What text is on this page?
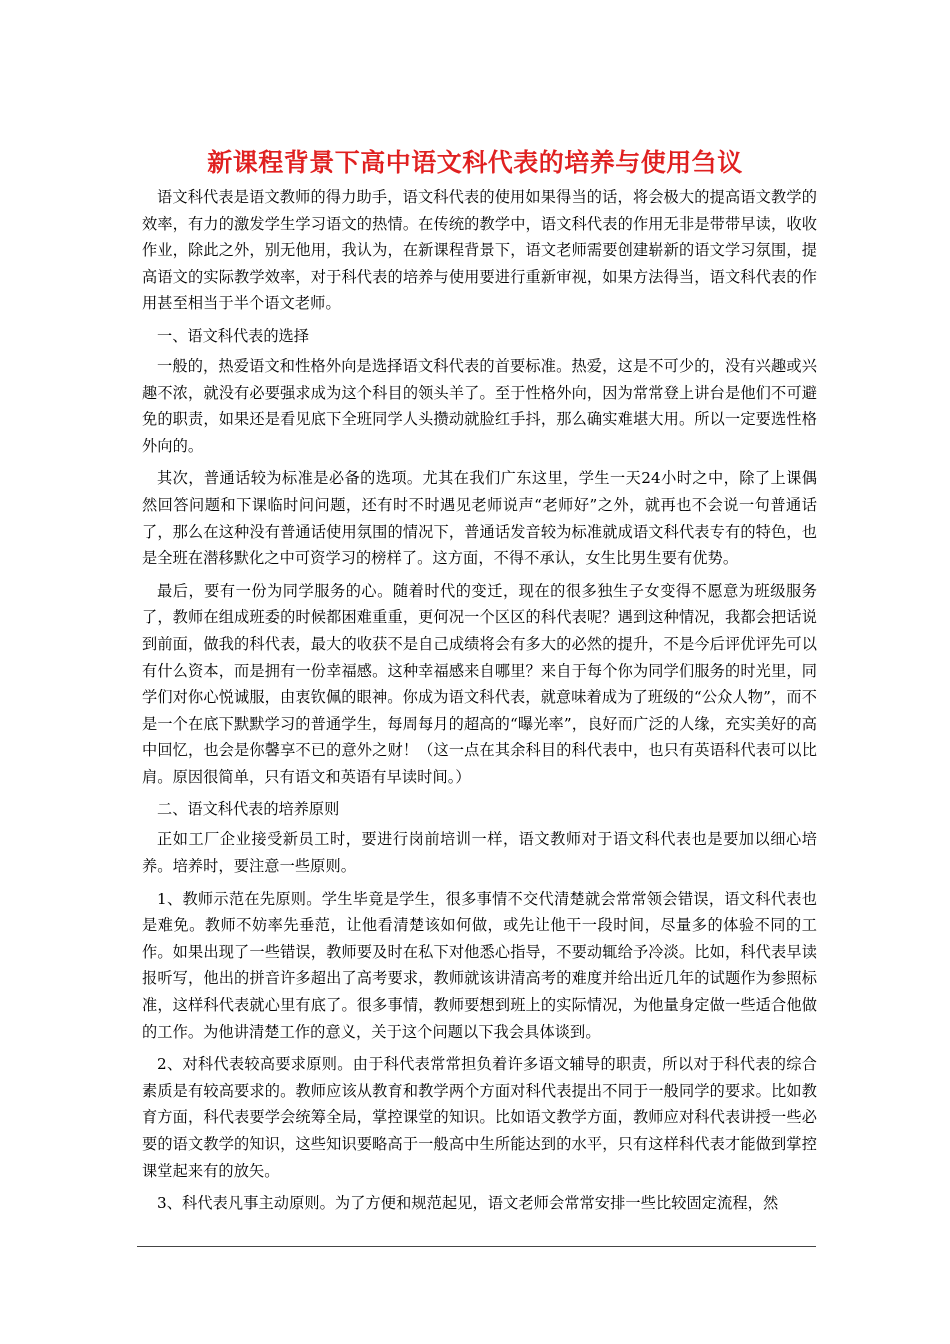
新课程背景下高中语文科代表的培养与使用刍议

语文科代表是语文教师的得力助手，语文科代表的使用如果得当的话，将会极大的提高语文教学的效率，有力的激发学生学习语文的热情。在传统的教学中，语文科代表的作用无非是带带早读，收收作业，除此之外，别无他用，我认为，在新课程背景下，语文老师需要创建崭新的语文学习氛围，提高语文的实际教学效率，对于科代表的培养与使用要进行重新审视，如果方法得当，语文科代表的作用甚至相当于半个语文老师。

一、语文科代表的选择

一般的，热爱语文和性格外向是选择语文科代表的首要标准。热爱，这是不可少的，没有兴趣或兴趣不浓，就没有必要强求成为这个科目的领头羊了。至于性格外向，因为常常登上讲台是他们不可避免的职责，如果还是看见底下全班同学人头攒动就脸红手抖，那么确实难堪大用。所以一定要选性格外向的。

其次，普通话较为标准是必备的选项。尤其在我们广东这里，学生一天24小时之中，除了上课偶然回答问题和下课临时问问题，还有时不时遇见老师说声“老师好”之外，就再也不会说一句普通话了，那么在这种没有普通话使用氛围的情况下，普通话发音较为标准就成语文科代表专有的特色，也是全班在潜移默化之中可资学习的榜样了。这方面，不得不承认，女生比男生要有优势。

最后，要有一份为同学服务的心。随着时代的变迁，现在的很多独生子女变得不愿意为班级服务了，教师在组成班委的时候都困难重重，更何况一个区区的科代表呢？遇到这种情况，我都会把话说到前面，做我的科代表，最大的收获不是自己成绩将会有多大的必然的提升，不是今后评优评先可以有什么资本，而是拥有一份幸福感。这种幸福感来自哪里？来自于每个你为同学们服务的时光里，同学们对你心悦诚服，由衷钦佩的眼神。你成为语文科代表，就意味着成为了班级的“公众人物”，而不是一个在底下默默学习的普通学生，每周每月的超高的“曝光率”，良好而广泛的人缘，充实美好的高中回忆，也会是你馨享不已的意外之财！（这一点在其余科目的科代表中，也只有英语科代表可以比肩。原因很简单，只有语文和英语有早读时间。）

二、语文科代表的培养原则

正如工厂企业接受新员工时，要进行岗前培训一样，语文教师对于语文科代表也是要加以细心培养。培养时，要注意一些原则。

1、教师示范在先原则。学生毕竟是学生，很多事情不交代清楚就会常常领会错误，语文科代表也是难免。教师不妨率先垂范，让他看清楚该如何做，或先让他干一段时间，尽量多的体验不同的工作。如果出现了一些错误，教师要及时在私下对他悉心指导，不要动辄给予冷淡。比如，科代表早读报听写，他出的拼音许多超出了高考要求，教师就该讲清高考的难度并给出近几年的试题作为参照标准，这样科代表就心里有底了。很多事情，教师要想到班上的实际情况，为他量身定做一些适合他做的工作。为他讲清楚工作的意义，关于这个问题以下我会具体谈到。

2、对科代表较高要求原则。由于科代表常常担负着许多语文辅导的职责，所以对于科代表的综合素质是有较高要求的。教师应该从教育和教学两个方面对科代表提出不同于一般同学的要求。比如教育方面，科代表要学会统筹全局，掌控课堂的知识。比如语文教学方面，教师应对科代表讲授一些必要的语文教学的知识，这些知识要略高于一般高中生所能达到的水平，只有这样科代表才能做到掌控课堂起来有的放矢。

3、科代表凡事主动原则。为了方便和规范起见，语文老师会常常安排一些比较固定流程，然
